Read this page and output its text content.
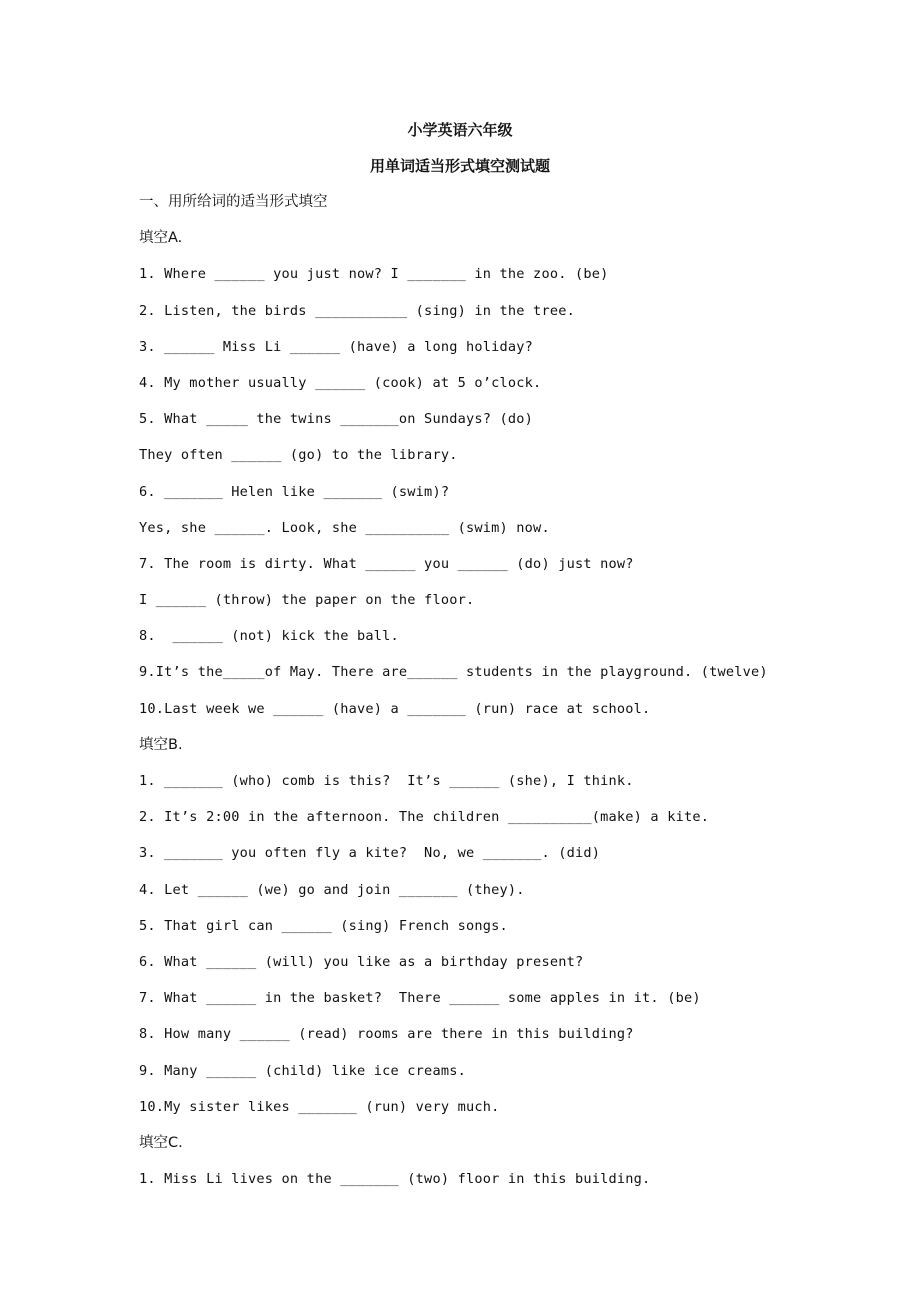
小学英语六年级
用单词适当形式填空测试题
一、用所给词的适当形式填空
填空A.
1. Where ______ you just now? I _______ in the zoo. (be)
2. Listen, the birds ___________ (sing) in the tree.
3. ______ Miss Li ______ (have) a long holiday?
4. My mother usually ______ (cook) at 5 o’clock.
5. What _____ the twins _______on Sundays? (do)
They often ______ (go) to the library.
6. _______ Helen like _______ (swim)?
Yes, she ______. Look, she __________ (swim) now.
7. The room is dirty. What ______ you ______ (do) just now?
I ______ (throw) the paper on the floor.
8.  ______ (not) kick the ball.
9.It’s the_____of May. There are______ students in the playground. (twelve)
10.Last week we ______ (have) a _______ (run) race at school.
填空B.
1. _______ (who) comb is this?  It’s ______ (she), I think.
2. It’s 2:00 in the afternoon. The children __________(make) a kite.
3. _______ you often fly a kite?  No, we _______. (did)
4. Let ______ (we) go and join _______ (they).
5. That girl can ______ (sing) French songs.
6. What ______ (will) you like as a birthday present?
7. What ______ in the basket?  There ______ some apples in it. (be)
8. How many ______ (read) rooms are there in this building?
9. Many ______ (child) like ice creams.
10.My sister likes _______ (run) very much.
填空C.
1. Miss Li lives on the _______ (two) floor in this building.
